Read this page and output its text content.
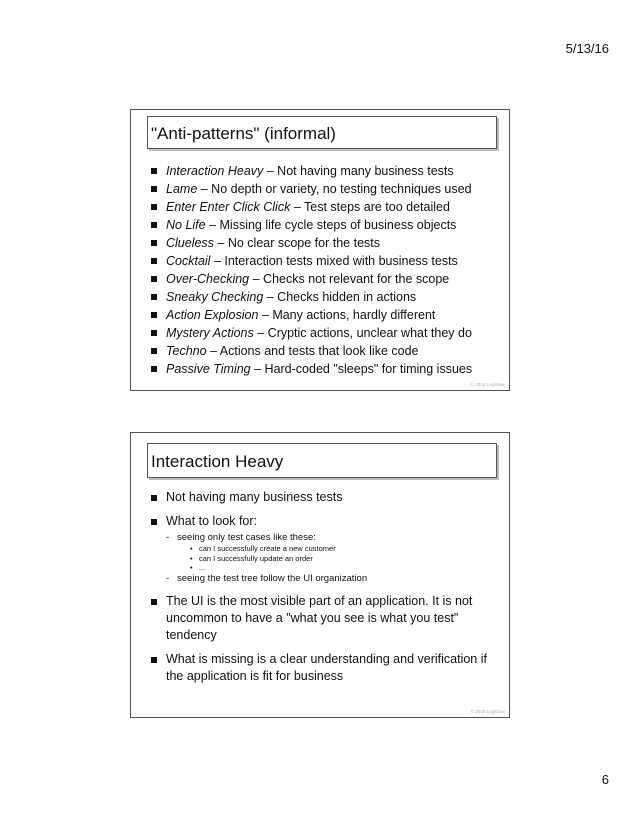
5/13/16
"Anti-patterns" (informal)
Interaction Heavy – Not having many business tests
Lame – No depth or variety, no testing techniques used
Enter Enter Click Click – Test steps are too detailed
No Life – Missing life cycle steps of business objects
Clueless – No clear scope for the tests
Cocktail – Interaction tests mixed with business tests
Over-Checking – Checks not relevant for the scope
Sneaky Checking – Checks hidden in actions
Action Explosion – Many actions, hardly different
Mystery Actions – Cryptic actions, unclear what they do
Techno – Actions and tests that look like code
Passive Timing – Hard-coded "sleeps" for timing issues
© 2016 LogiGear
Interaction Heavy
Not having many business tests
What to look for:
- seeing only test cases like these:
• can I successfully create a new customer
• can I successfully update an order
• ...
- seeing the test tree follow the UI organization
The UI is the most visible part of an application. It is not uncommon to have a "what you see is what you test" tendency
What is missing is a clear understanding and verification if the application is fit for business
© 2016 LogiGear
6
